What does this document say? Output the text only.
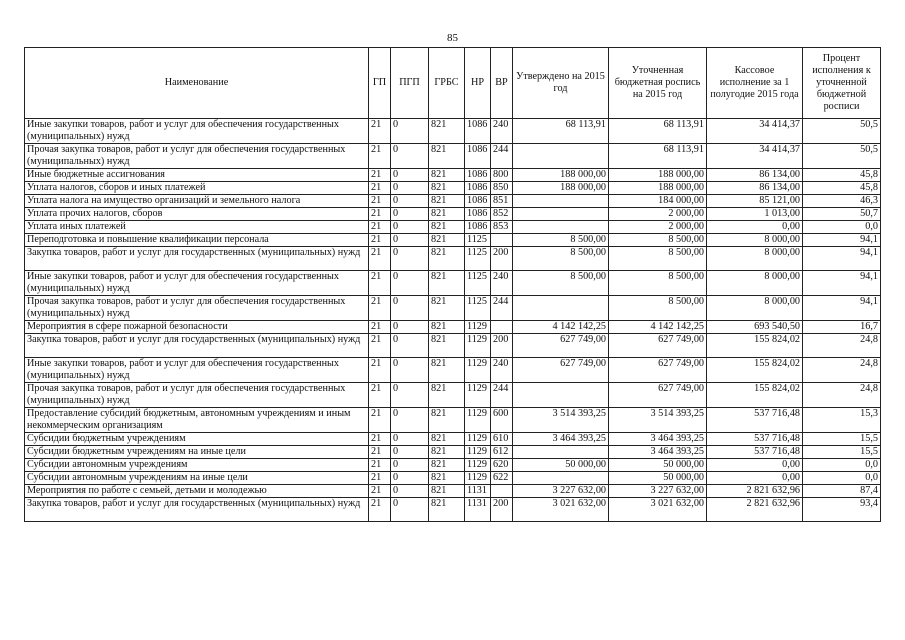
85
Наименование	ГП	ПГП	ГРБС	НР	ВР	Утверждено на 2015 год	Уточненная бюджетная роспись на 2015 год	Кассовое исполнение за 1 полугодие 2015 года	Процент исполнения к уточненной бюджетной росписи
Иные закупки товаров, работ и услуг для обеспечения государственных (муниципальных) нужд	21	0	821	1086	240	68 113,91	68 113,91	34 414,37	50,5
Прочая закупка товаров, работ и услуг для обеспечения государственных (муниципальных) нужд	21	0	821	1086	244		68 113,91	34 414,37	50,5
Иные бюджетные ассигнования	21	0	821	1086	800	188 000,00	188 000,00	86 134,00	45,8
Уплата налогов, сборов и иных платежей	21	0	821	1086	850	188 000,00	188 000,00	86 134,00	45,8
Уплата налога на имущество организаций и земельного налога	21	0	821	1086	851		184 000,00	85 121,00	46,3
Уплата прочих налогов, сборов	21	0	821	1086	852		2 000,00	1 013,00	50,7
Уплата иных платежей	21	0	821	1086	853		2 000,00	0,00	0,0
Переподготовка и повышение квалификации персонала	21	0	821	1125		8 500,00	8 500,00	8 000,00	94,1
Закупка товаров, работ и услуг для государственных (муниципальных) нужд	21	0	821	1125	200	8 500,00	8 500,00	8 000,00	94,1
Иные закупки товаров, работ и услуг для обеспечения государственных (муниципальных) нужд	21	0	821	1125	240	8 500,00	8 500,00	8 000,00	94,1
Прочая закупка товаров, работ и услуг для обеспечения государственных (муниципальных) нужд	21	0	821	1125	244		8 500,00	8 000,00	94,1
Мероприятия в сфере пожарной безопасности	21	0	821	1129		4 142 142,25	4 142 142,25	693 540,50	16,7
Закупка товаров, работ и услуг для государственных (муниципальных) нужд	21	0	821	1129	200	627 749,00	627 749,00	155 824,02	24,8
Иные закупки товаров, работ и услуг для обеспечения государственных (муниципальных) нужд	21	0	821	1129	240	627 749,00	627 749,00	155 824,02	24,8
Прочая закупка товаров, работ и услуг для обеспечения государственных (муниципальных) нужд	21	0	821	1129	244		627 749,00	155 824,02	24,8
Предоставление субсидий бюджетным, автономным учреждениям и иным некоммерческим организациям	21	0	821	1129	600	3 514 393,25	3 514 393,25	537 716,48	15,3
Субсидии бюджетным учреждениям	21	0	821	1129	610	3 464 393,25	3 464 393,25	537 716,48	15,5
Субсидии бюджетным учреждениям на иные цели	21	0	821	1129	612		3 464 393,25	537 716,48	15,5
Субсидии автономным учреждениям	21	0	821	1129	620	50 000,00	50 000,00	0,00	0,0
Субсидии автономным учреждениям на иные цели	21	0	821	1129	622		50 000,00	0,00	0,0
Мероприятия по работе с семьей, детьми и молодежью	21	0	821	1131		3 227 632,00	3 227 632,00	2 821 632,96	87,4
Закупка товаров, работ и услуг для государственных (муниципальных) нужд	21	0	821	1131	200	3 021 632,00	3 021 632,00	2 821 632,96	93,4
